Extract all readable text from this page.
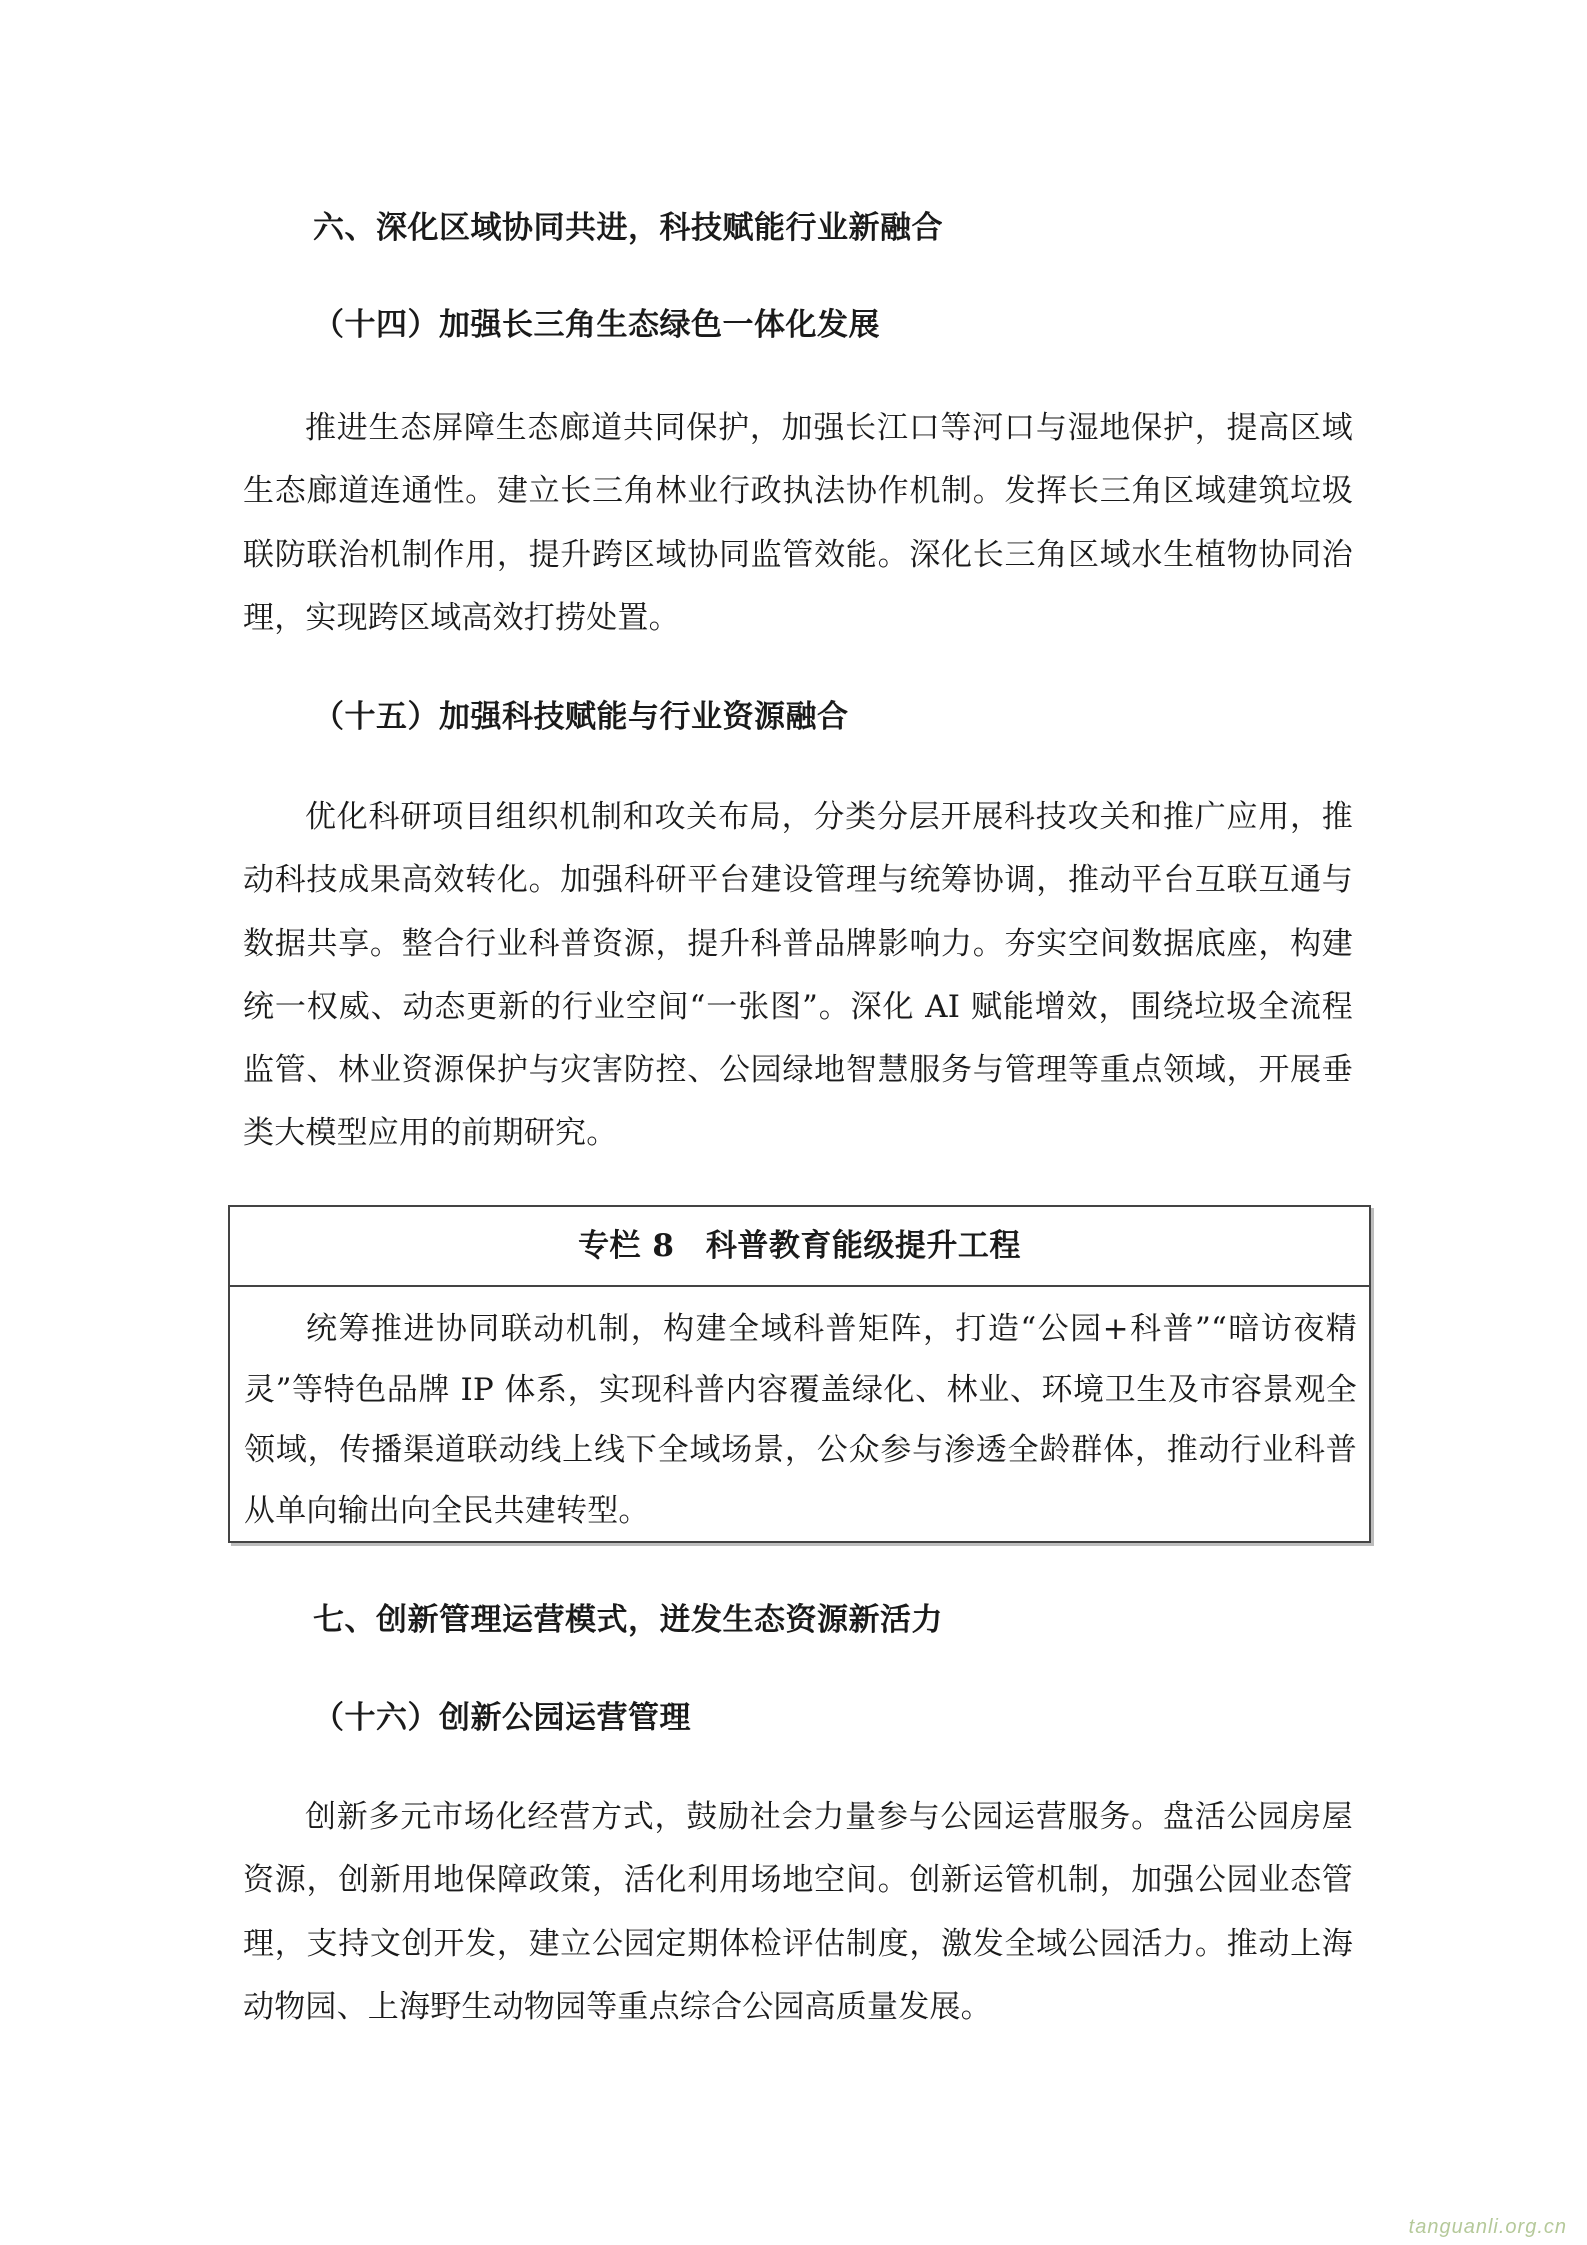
六、深化区域协同共进，科技赋能行业新融合
（十四）加强长三角生态绿色一体化发展
推进生态屏障生态廊道共同保护，加强长江口等河口与湿地保护，提高区域生态廊道连通性。建立长三角林业行政执法协作机制。发挥长三角区域建筑垃圾联防联治机制作用，提升跨区域协同监管效能。深化长三角区域水生植物协同治理，实现跨区域高效打捞处置。
（十五）加强科技赋能与行业资源融合
优化科研项目组织机制和攻关布局，分类分层开展科技攻关和推广应用，推动科技成果高效转化。加强科研平台建设管理与统筹协调，推动平台互联互通与数据共享。整合行业科普资源，提升科普品牌影响力。夯实空间数据底座，构建统一权威、动态更新的行业空间“一张图”。深化 AI 赋能增效，围绕垃圾全流程监管、林业资源保护与灾害防控、公园绿地智慧服务与管理等重点领域，开展垂类大模型应用的前期研究。
专栏 8　科普教育能级提升工程
统筹推进协同联动机制，构建全域科普矩阵，打造“公园+科普”“暗访夜精灵”等特色品牌 IP 体系，实现科普内容覆盖绿化、林业、环境卫生及市容景观全领域，传播渠道联动线上线下全域场景，公众参与渗透全龄群体，推动行业科普从单向输出向全民共建转型。
七、创新管理运营模式，迸发生态资源新活力
（十六）创新公园运营管理
创新多元市场化经营方式，鼓励社会力量参与公园运营服务。盘活公园房屋资源，创新用地保障政策，活化利用场地空间。创新运管机制，加强公园业态管理，支持文创开发，建立公园定期体检评估制度，激发全域公园活力。推动上海动物园、上海野生动物园等重点综合公园高质量发展。
tanguanli.org.cn
